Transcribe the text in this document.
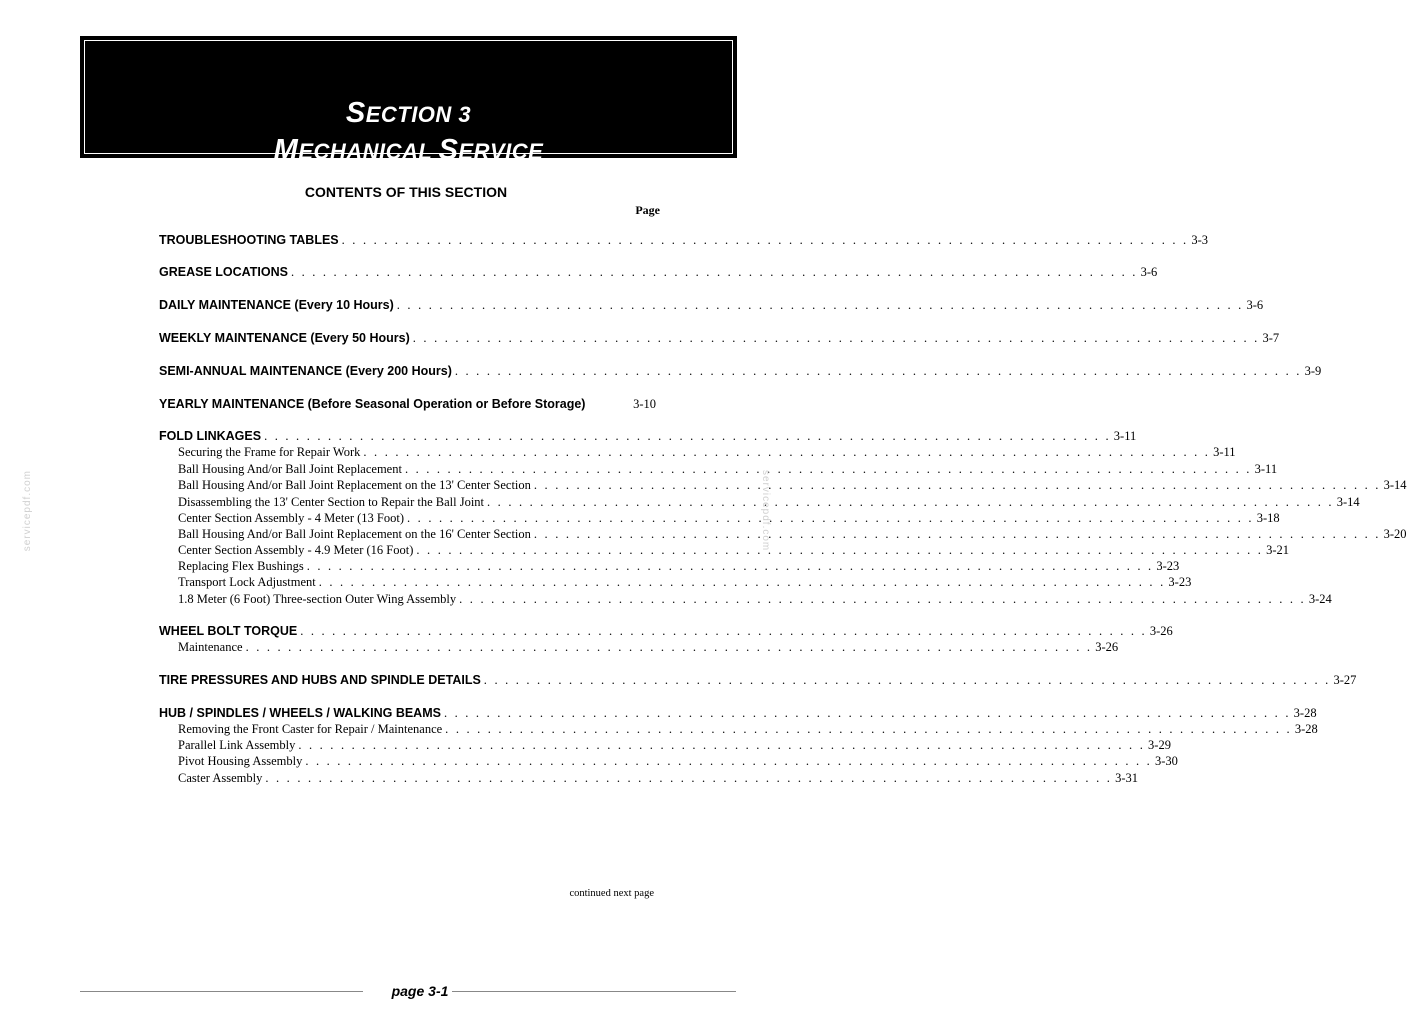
SECTION 3
MECHANICAL SERVICE
CONTENTS OF THIS SECTION
Page
TROUBLESHOOTING TABLES . . . . . . . . . . . . . . . . . . . . . . . . . . . . . . . . . . . . . . . . . . . . . . . . . . . . . . . . . . . . . . . . . . . . . . . . . . . . . . . . 3-3
GREASE LOCATIONS . . . . . . . . . . . . . . . . . . . . . . . . . . . . . . . . . . . . . . . . . . . . . . . . . . . . . . . . . . . . . . . . . . . . . . . . . . . . . . . . 3-6
DAILY MAINTENANCE (Every 10 Hours) . . . . . . . . . . . . . . . . . . . . . . . . . . . . . . . . . . . . . . . . . . . . . . . . . . . . . . . . . . . . . . . . . . . . . . . . . . . . . . . . 3-6
WEEKLY MAINTENANCE (Every 50 Hours) . . . . . . . . . . . . . . . . . . . . . . . . . . . . . . . . . . . . . . . . . . . . . . . . . . . . . . . . . . . . . . . . . . . . . . . . . . . . . . . . 3-7
SEMI-ANNUAL MAINTENANCE (Every 200 Hours) . . . . . . . . . . . . . . . . . . . . . . . . . . . . . . . . . . . . . . . . . . . . . . . . . . . . . . . . . . . . . . . . . . . . . . . . . . . . . . . . 3-9
YEARLY MAINTENANCE (Before Seasonal Operation or Before Storage)	3-10
FOLD LINKAGES . . . . . . . . . . . . . . . . . . . . . . . . . . . . . . . . . . . . . . . . . . . . . . . . . . . . . . . . . . . . . . . . . . . . . . . . . . . . . . . . 3-11
Securing the Frame for Repair Work . . . . . . . . . . . . . . . . . . . . . . . . . . . . . . . . . . . . . . . . . . . . . . . . . . . . . . . . . . . . . . . . . . . . . . . . . . . . . . . . 3-11
Ball Housing And/or Ball Joint Replacement . . . . . . . . . . . . . . . . . . . . . . . . . . . . . . . . . . . . . . . . . . . . . . . . . . . . . . . . . . . . . . . . . . . . . . . . . . . . . . . . 3-11
Ball Housing And/or Ball Joint Replacement on the 13' Center Section . . . . . . . . . . . . . . . . . . . . . . . . . . . . . . . . . . . . . . . . . . . . . . . . . . . . . . . . . . . . . . . . . . . . . . . . . . . . . . . . 3-14
Disassembling the 13' Center Section to Repair the Ball Joint . . . . . . . . . . . . . . . . . . . . . . . . . . . . . . . . . . . . . . . . . . . . . . . . . . . . . . . . . . . . . . . . . . . . . . . . . . . . . . . . 3-14
Center Section Assembly - 4 Meter (13 Foot) . . . . . . . . . . . . . . . . . . . . . . . . . . . . . . . . . . . . . . . . . . . . . . . . . . . . . . . . . . . . . . . . . . . . . . . . . . . . . . . . 3-18
Ball Housing And/or Ball Joint Replacement on the 16' Center Section . . . . . . . . . . . . . . . . . . . . . . . . . . . . . . . . . . . . . . . . . . . . . . . . . . . . . . . . . . . . . . . . . . . . . . . . . . . . . . . . 3-20
Center Section Assembly - 4.9 Meter (16 Foot) . . . . . . . . . . . . . . . . . . . . . . . . . . . . . . . . . . . . . . . . . . . . . . . . . . . . . . . . . . . . . . . . . . . . . . . . . . . . . . . . 3-21
Replacing Flex Bushings . . . . . . . . . . . . . . . . . . . . . . . . . . . . . . . . . . . . . . . . . . . . . . . . . . . . . . . . . . . . . . . . . . . . . . . . . . . . . . . . 3-23
Transport Lock Adjustment . . . . . . . . . . . . . . . . . . . . . . . . . . . . . . . . . . . . . . . . . . . . . . . . . . . . . . . . . . . . . . . . . . . . . . . . . . . . . . . . 3-23
1.8 Meter (6 Foot) Three-section Outer Wing Assembly . . . . . . . . . . . . . . . . . . . . . . . . . . . . . . . . . . . . . . . . . . . . . . . . . . . . . . . . . . . . . . . . . . . . . . . . . . . . . . . . 3-24
WHEEL BOLT TORQUE . . . . . . . . . . . . . . . . . . . . . . . . . . . . . . . . . . . . . . . . . . . . . . . . . . . . . . . . . . . . . . . . . . . . . . . . . . . . . . . . 3-26
Maintenance . . . . . . . . . . . . . . . . . . . . . . . . . . . . . . . . . . . . . . . . . . . . . . . . . . . . . . . . . . . . . . . . . . . . . . . . . . . . . . . . 3-26
TIRE PRESSURES AND HUBS AND SPINDLE DETAILS . . . . . . . . . . . . . . . . . . . . . . . . . . . . . . . . . . . . . . . . . . . . . . . . . . . . . . . . . . . . . . . . . . . . . . . . . . . . . . . . 3-27
HUB / SPINDLES / WHEELS / WALKING BEAMS . . . . . . . . . . . . . . . . . . . . . . . . . . . . . . . . . . . . . . . . . . . . . . . . . . . . . . . . . . . . . . . . . . . . . . . . . . . . . . . . 3-28
Removing the Front Caster for Repair / Maintenance . . . . . . . . . . . . . . . . . . . . . . . . . . . . . . . . . . . . . . . . . . . . . . . . . . . . . . . . . . . . . . . . . . . . . . . . . . . . . . . . 3-28
Parallel Link Assembly . . . . . . . . . . . . . . . . . . . . . . . . . . . . . . . . . . . . . . . . . . . . . . . . . . . . . . . . . . . . . . . . . . . . . . . . . . . . . . . . 3-29
Pivot Housing Assembly . . . . . . . . . . . . . . . . . . . . . . . . . . . . . . . . . . . . . . . . . . . . . . . . . . . . . . . . . . . . . . . . . . . . . . . . . . . . . . . . 3-30
Caster Assembly . . . . . . . . . . . . . . . . . . . . . . . . . . . . . . . . . . . . . . . . . . . . . . . . . . . . . . . . . . . . . . . . . . . . . . . . . . . . . . . . 3-31
continued next page
page 3-1
servicepdf.com	servicepdf.com
